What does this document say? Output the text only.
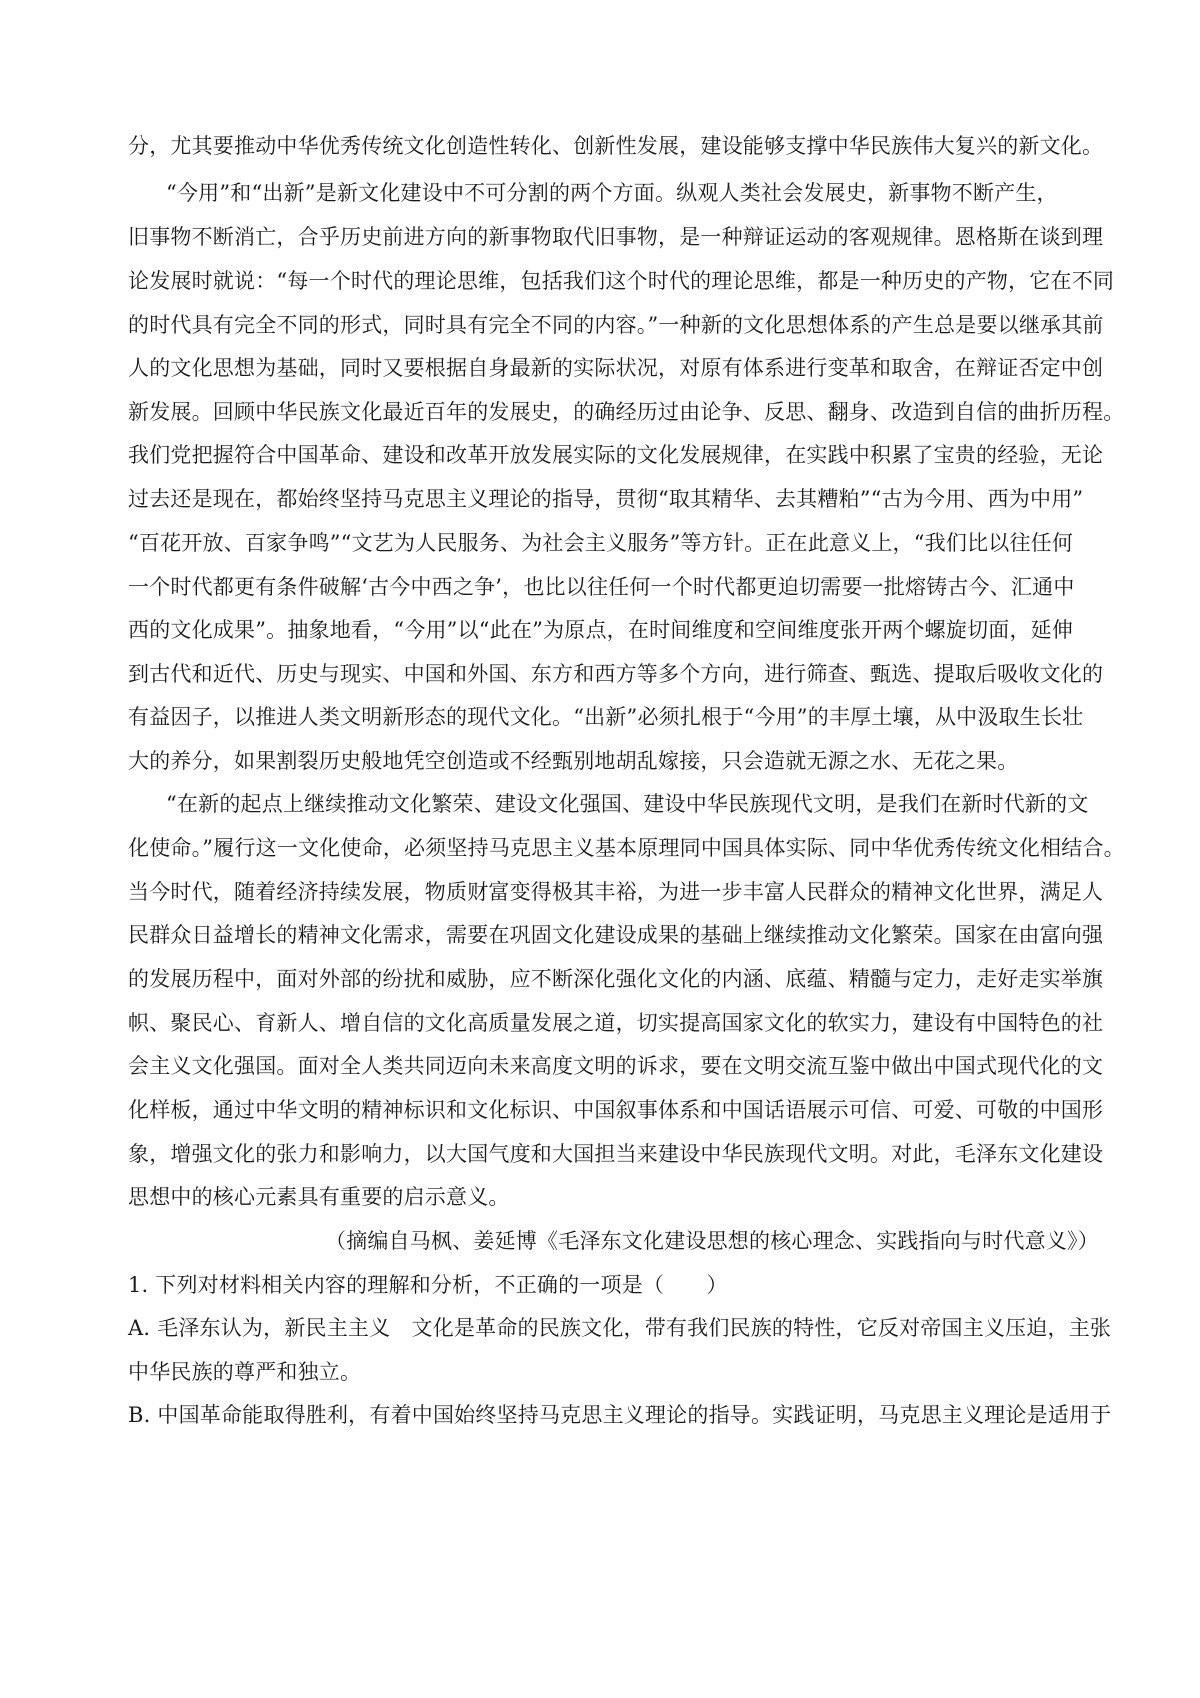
分，尤其要推动中华优秀传统文化创造性转化、创新性发展，建设能够支撑中华民族伟大复兴的新文化。
“今用”和“出新”是新文化建设中不可分割的两个方面。纵观人类社会发展史，新事物不断产生，
旧事物不断消亡，合乎历史前进方向的新事物取代旧事物，是一种辩证运动的客观规律。恩格斯在谈到理
论发展时就说：“每一个时代的理论思维，包括我们这个时代的理论思维，都是一种历史的产物，它在不同
的时代具有完全不同的形式，同时具有完全不同的内容。”一种新的文化思想体系的产生总是要以继承其前
人的文化思想为基础，同时又要根据自身最新的实际状况，对原有体系进行变革和取舍，在辩证否定中创
新发展。回顾中华民族文化最近百年的发展史，的确经历过由论争、反思、翻身、改造到自信的曲折历程。
我们党把握符合中国革命、建设和改革开放发展实际的文化发展规律，在实践中积累了宝贵的经验，无论
过去还是现在，都始终坚持马克思主义理论的指导，贯彻“取其精华、去其糟粕”“古为今用、西为中用”
“百花开放、百家争鸣”“文艺为人民服务、为社会主义服务”等方针。正在此意义上，“我们比以往任何
一个时代都更有条件破解‘古今中西之争’，也比以往任何一个时代都更迫切需要一批熔铸古今、汇通中
西的文化成果”。抽象地看，“今用”以“此在”为原点，在时间维度和空间维度张开两个螺旋切面，延伸
到古代和近代、历史与现实、中国和外国、东方和西方等多个方向，进行筛查、甄选、提取后吸收文化的
有益因子，以推进人类文明新形态的现代文化。“出新”必须扎根于“今用”的丰厚土壤，从中汲取生长壮
大的养分，如果割裂历史般地凭空创造或不经甄别地胡乱嫁接，只会造就无源之水、无花之果。
“在新的起点上继续推动文化繁荣、建设文化强国、建设中华民族现代文明，是我们在新时代新的文
化使命。”履行这一文化使命，必须坚持马克思主义基本原理同中国具体实际、同中华优秀传统文化相结合。
当今时代，随着经济持续发展，物质财富变得极其丰裕，为进一步丰富人民群众的精神文化世界，满足人
民群众日益增长的精神文化需求，需要在巩固文化建设成果的基础上继续推动文化繁荣。国家在由富向强
的发展历程中，面对外部的纷扰和威胁，应不断深化强化文化的内涵、底蕴、精髓与定力，走好走实举旗
帜、聚民心、育新人、增自信的文化高质量发展之道，切实提高国家文化的软实力，建设有中国特色的社
会主义文化强国。面对全人类共同迈向未来高度文明的诉求，要在文明交流互鉴中做出中国式现代化的文
化样板，通过中华文明的精神标识和文化标识、中国叙事体系和中国话语展示可信、可爱、可敬的中国形
象，增强文化的张力和影响力，以大国气度和大国担当来建设中华民族现代文明。对此，毛泽东文化建设
思想中的核心元素具有重要的启示意义。
（摘编自马枫、姜延博《毛泽东文化建设思想的核心理念、实践指向与时代意义》）
1. 下列对材料相关内容的理解和分析，不正确的一项是（　　）
A. 毛泽东认为，新民主主义　文化是革命的民族文化，带有我们民族的特性，它反对帝国主义压迫，主张
中华民族的尊严和独立。
B. 中国革命能取得胜利，有着中国始终坚持马克思主义理论的指导。实践证明，马克思主义理论是适用于
